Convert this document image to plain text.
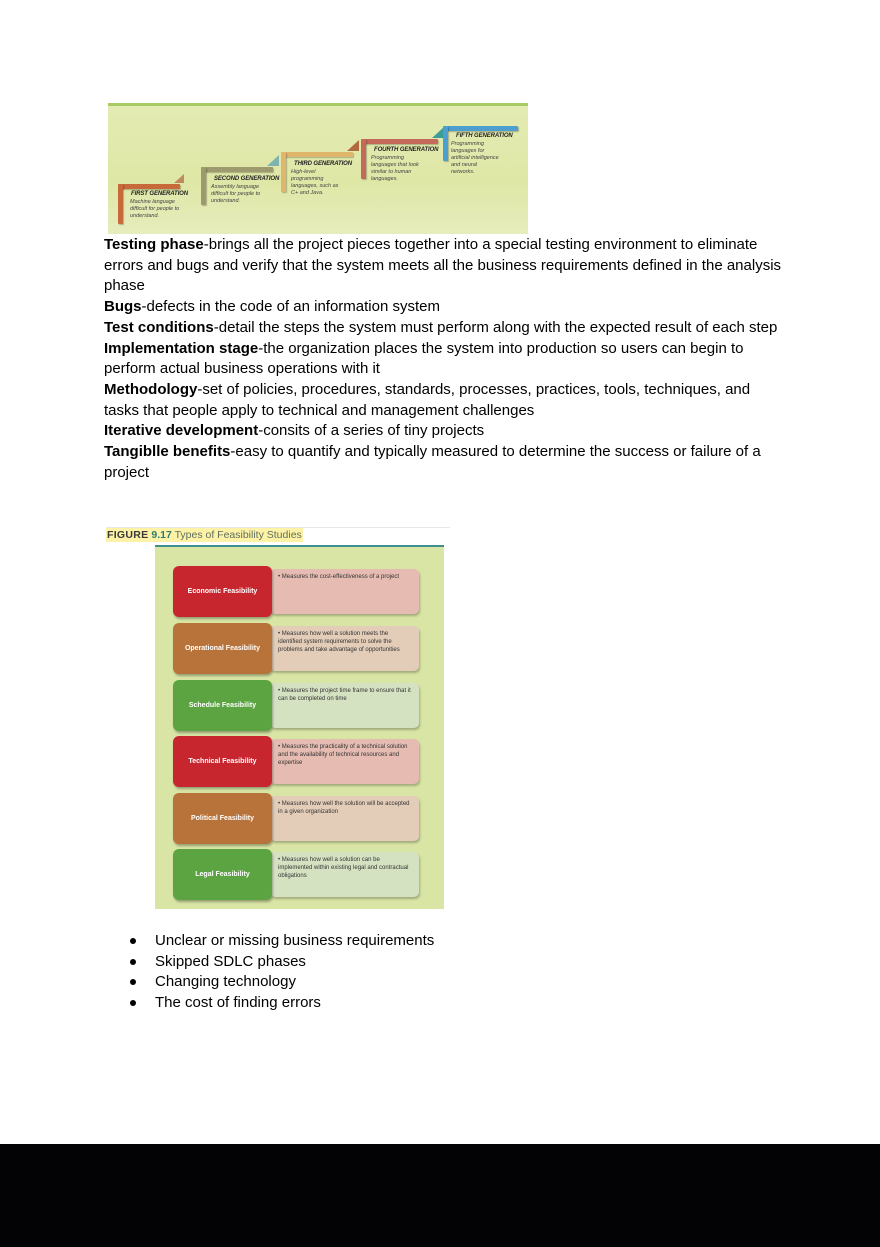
FIRST GENERATION
Machine language difficult for people to understand.
SECOND GENERATION
Assembly language difficult for people to understand.
THIRD GENERATION
High-level programming languages, such as C+ and Java.
FOURTH GENERATION
Programming languages that look similar to human languages.
FIFTH GENERATION
Programming languages for artificial intelligence and neural networks.

Testing phase-brings all the project pieces together into a special testing environment to eliminate errors and bugs and verify that the system meets all the business requirements defined in the analysis phase

Bugs-defects in the code of an information system

Test conditions-detail the steps the system must perform along with the expected result of each step

Implementation stage-the organization places the system into production so users can begin to perform actual business operations with it

Methodology-set of policies, procedures, standards, processes, practices, tools, techniques, and tasks that people apply to technical and management challenges

Iterative development-consits of a series of tiny projects

Tangiblle benefits-easy to quantify and typically measured to determine the success or failure of a project

FIGURE 9.17 Types of Feasibility Studies
Economic Feasibility
• Measures the cost-effectiveness of a project
Operational Feasibility
• Measures how well a solution meets the identified system requirements to solve the problems and take advantage of opportunities
Schedule Feasibility
• Measures the project time frame to ensure that it can be completed on time
Technical Feasibility
• Measures the practicality of a technical solution and the availability of technical resources and expertise
Political Feasibility
• Measures how well the solution will be accepted in a given organization
Legal Feasibility
• Measures how well a solution can be implemented within existing legal and contractual obligations
Unclear or missing business requirements
Skipped SDLC phases
Changing technology
The cost of finding errors
